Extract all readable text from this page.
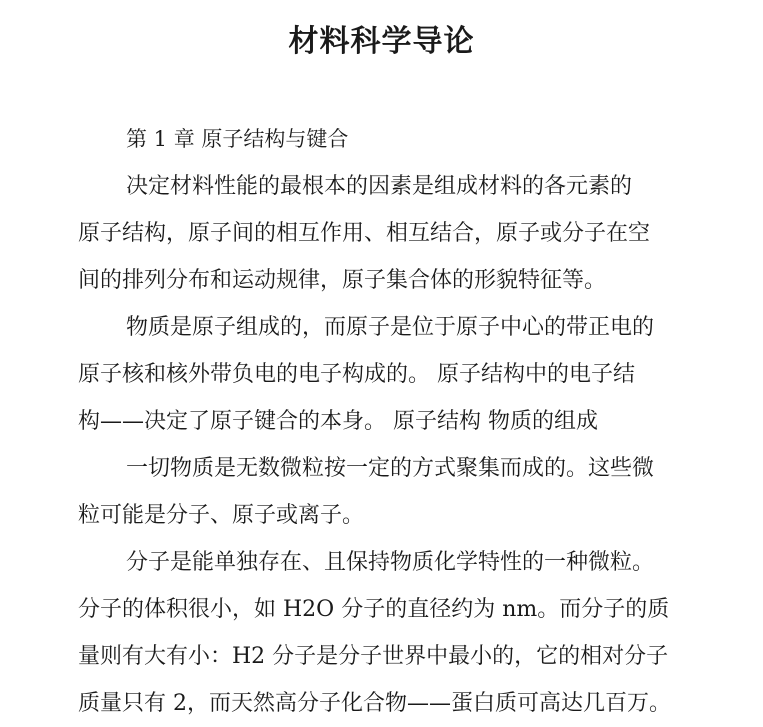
材料科学导论
第 1 章 原子结构与键合
决定材料性能的最根本的因素是组成材料的各元素的
原子结构，原子间的相互作用、相互结合，原子或分子在空
间的排列分布和运动规律，原子集合体的形貌特征等。
物质是原子组成的，而原子是位于原子中心的带正电的
原子核和核外带负电的电子构成的。 原子结构中的电子结
构——决定了原子键合的本身。 原子结构 物质的组成
一切物质是无数微粒按一定的方式聚集而成的。这些微
粒可能是分子、原子或离子。
分子是能单独存在、且保持物质化学特性的一种微粒。
分子的体积很小，如 H2O 分子的直径约为 nm。而分子的质
量则有大有小：H2 分子是分子世界中最小的，它的相对分子
质量只有 2，而天然高分子化合物——蛋白质可高达几百万。
